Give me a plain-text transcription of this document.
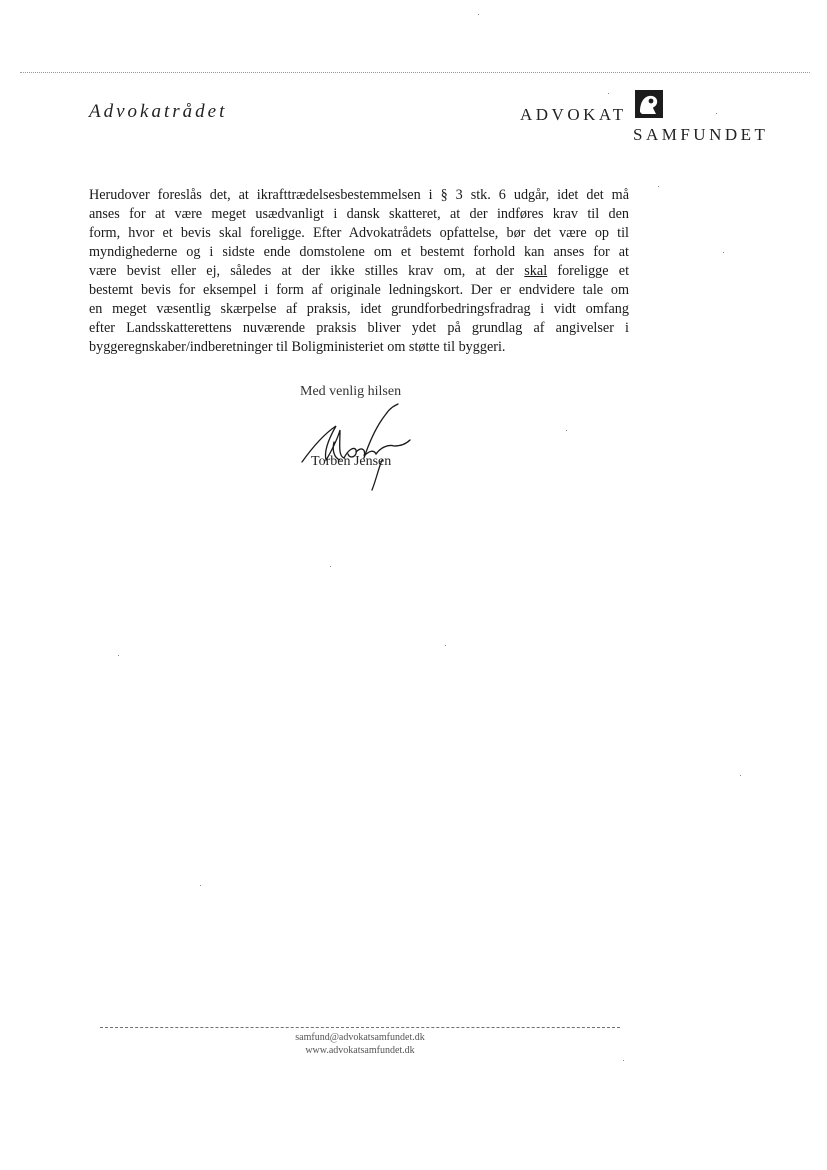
Advokatrådet	ADVOKAT
SAMFUNDET
Herudover foreslås det, at ikrafttrædelsesbestemmelsen i § 3 stk. 6 udgår, idet det må
anses for at være meget usædvanligt i dansk skatteret, at der indføres krav til den
form, hvor et bevis skal foreligge. Efter Advokatrådets opfattelse, bør det være op til
myndighederne og i sidste ende domstolene om et bestemt forhold kan anses for at
være bevist eller ej, således at der ikke stilles krav om, at der skal foreligge et
bestemt bevis for eksempel i form af originale ledningskort. Der er endvidere tale om
en meget væsentlig skærpelse af praksis, idet grundforbedringsfradrag i vidt omfang
efter Landsskatterettens nuværende praksis bliver ydet på grundlag af angivelser i
byggeregnskaber/indberetninger til Boligministeriet om støtte til byggeri.
Med venlig hilsen
Torben Jensen
samfund@advokatsamfundet.dk
www.advokatsamfundet.dk
